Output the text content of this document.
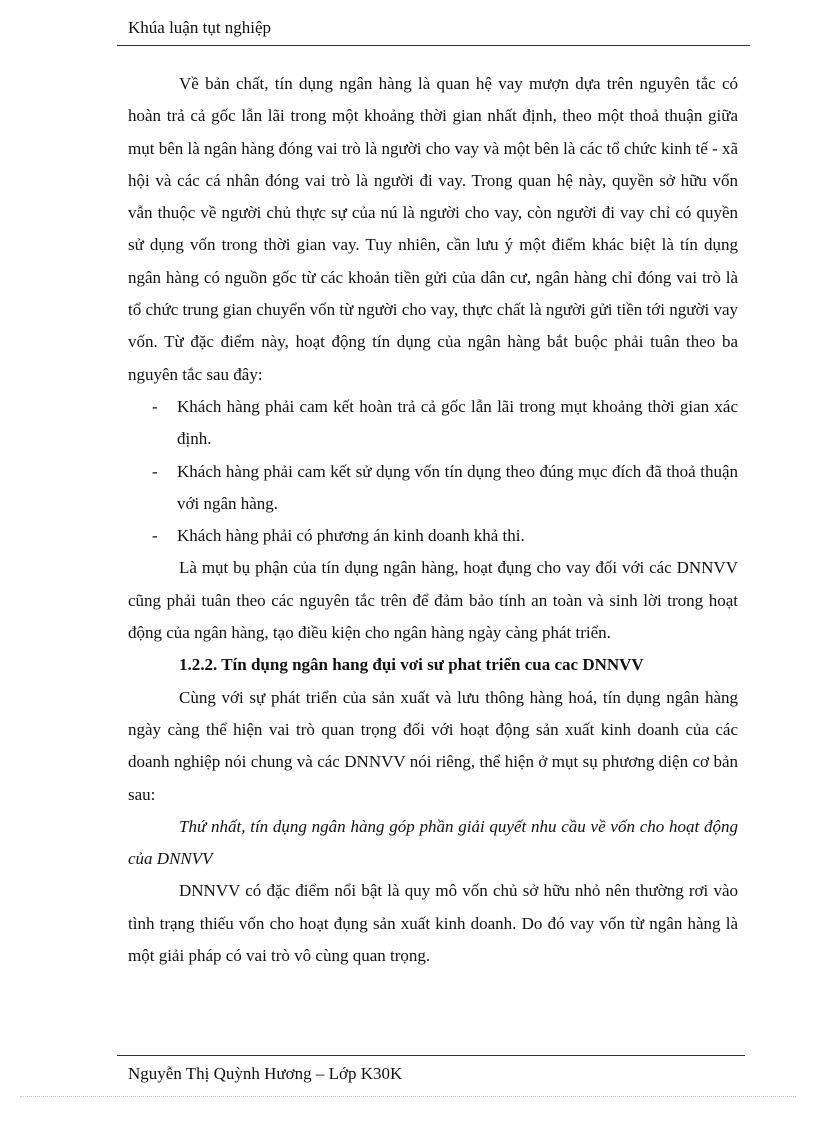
Khúa luận tụt nghiệp

Về bản chất, tín dụng ngân hàng là quan hệ vay mượn dựa trên nguyên tắc có hoàn trả cả gốc lẫn lãi trong một khoảng thời gian nhất định, theo một thoả thuận giữa mụt bên là ngân hàng đóng vai trò là người cho vay và một bên là các tổ chức kinh tế - xã hội và các cá nhân đóng vai trò là người đi vay. Trong quan hệ này, quyền sở hữu vốn vẫn thuộc về người chủ thực sự của nú là người cho vay, còn người đi vay chỉ có quyền sử dụng vốn trong thời gian vay. Tuy nhiên, cần lưu ý một điểm khác biệt là tín dụng ngân hàng có nguồn gốc từ các khoản tiền gửi của dân cư, ngân hàng chỉ đóng vai trò là tổ chức trung gian chuyển vốn từ người cho vay, thực chất là người gửi tiền tới người vay vốn. Từ đặc điểm này, hoạt động tín dụng của ngân hàng bắt buộc phải tuân theo ba nguyên tắc sau đây:

- Khách hàng phải cam kết hoàn trả cả gốc lẫn lãi trong mụt khoảng thời gian xác định.

- Khách hàng phải cam kết sử dụng vốn tín dụng theo đúng mục đích đã thoả thuận với ngân hàng.

- Khách hàng phải có phương án kinh doanh khả thi.

Là mụt bụ phận của tín dụng ngân hàng, hoạt đụng cho vay đối với các DNNVV cũng phải tuân theo các nguyên tắc trên để đảm bảo tính an toàn và sinh lời trong hoạt động của ngân hàng, tạo điều kiện cho ngân hàng ngày càng phát triển.

1.2.2. Tín dụng ngân hang đụi vơi sư phat triển cua cac DNNVV

Cùng với sự phát triển của sản xuất và lưu thông hàng hoá, tín dụng ngân hàng ngày càng thể hiện vai trò quan trọng đối với hoạt động sản xuất kinh doanh của các doanh nghiệp nói chung và các DNNVV nói riêng, thể hiện ở mụt sụ phương diện cơ bản sau:

Thứ nhất, tín dụng ngân hàng góp phần giải quyết nhu cầu về vốn cho hoạt động của DNNVV

DNNVV có đặc điểm nổi bật là quy mô vốn chủ sở hữu nhỏ nên thường rơi vào tình trạng thiếu vốn cho hoạt đụng sản xuất kinh doanh. Do đó vay vốn từ ngân hàng là một giải pháp có vai trò vô cùng quan trọng.

Nguyễn Thị Quỳnh Hương – Lớp K30K
